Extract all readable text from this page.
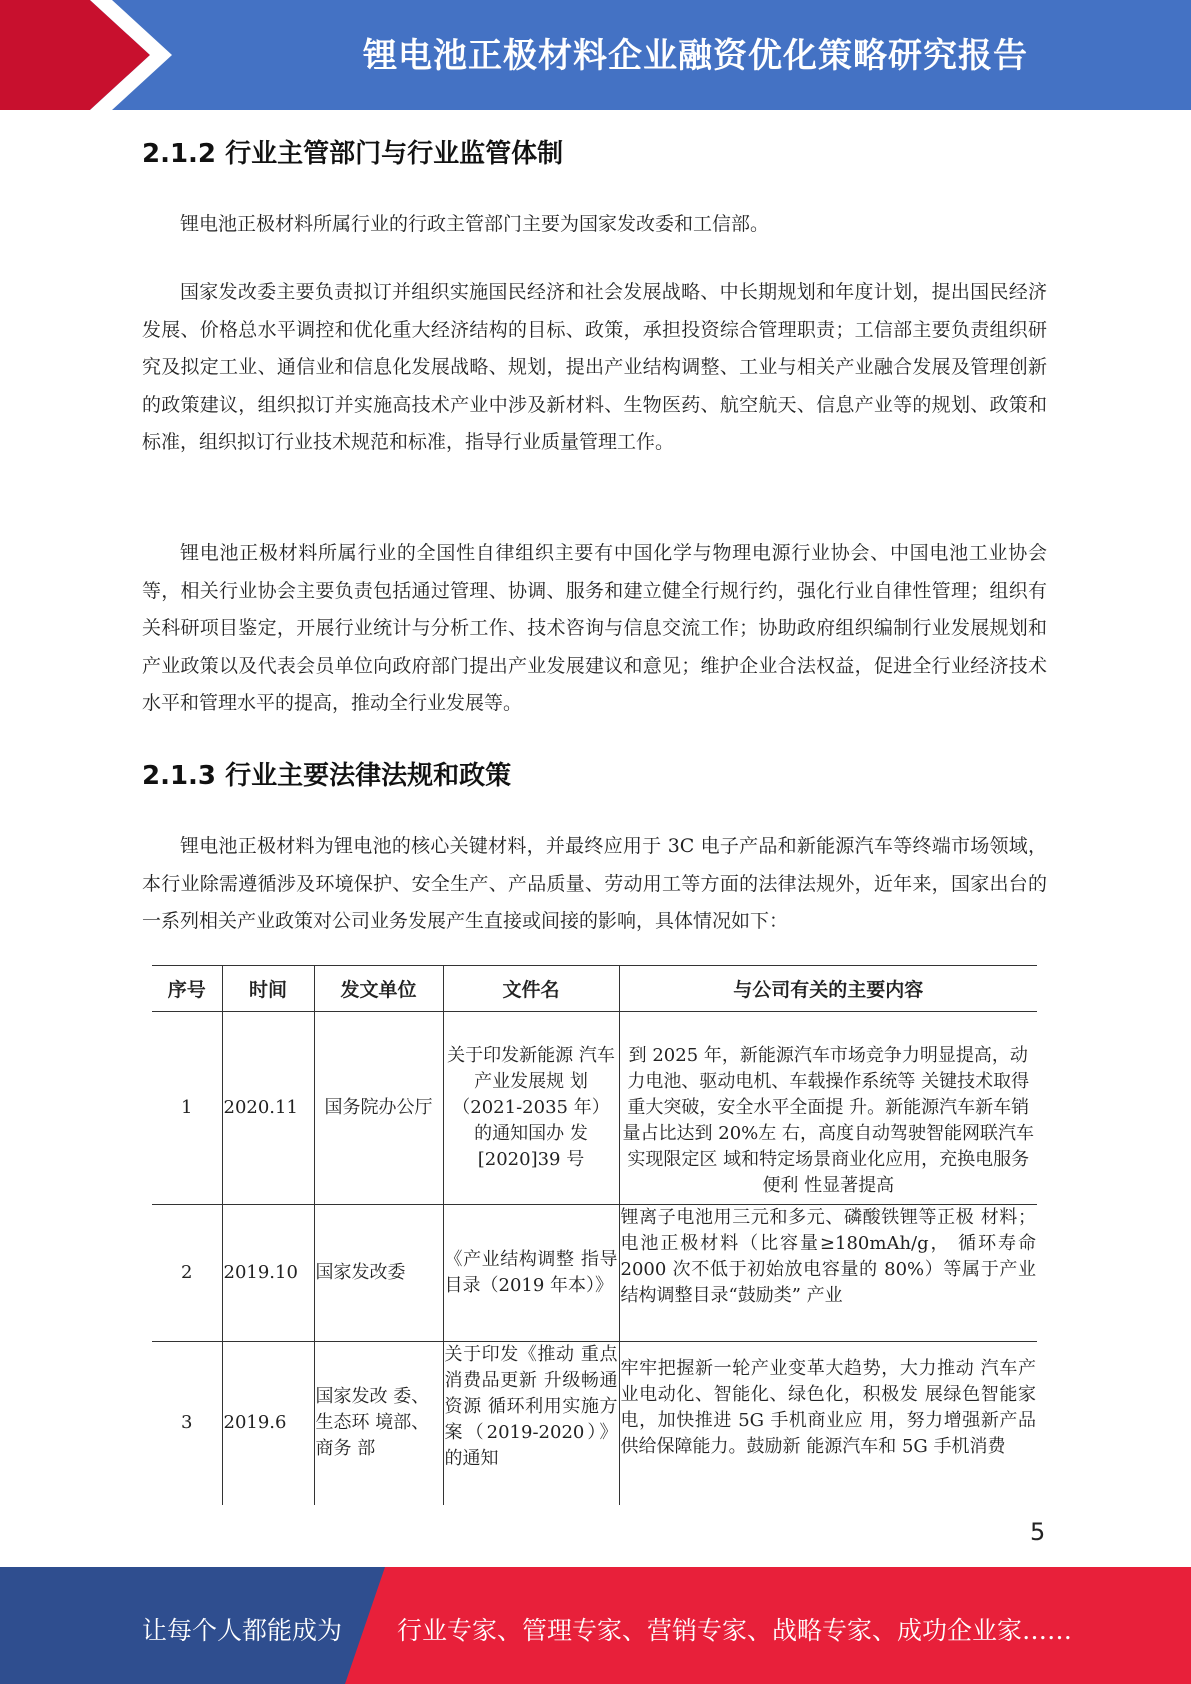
锂电池正极材料企业融资优化策略研究报告
2.1.2 行业主管部门与行业监管体制
锂电池正极材料所属行业的行政主管部门主要为国家发改委和工信部。
国家发改委主要负责拟订并组织实施国民经济和社会发展战略、中长期规划和年度计划，提出国民经济发展、价格总水平调控和优化重大经济结构的目标、政策，承担投资综合管理职责；工信部主要负责组织研究及拟定工业、通信业和信息化发展战略、规划，提出产业结构调整、工业与相关产业融合发展及管理创新的政策建议，组织拟订并实施高技术产业中涉及新材料、生物医药、航空航天、信息产业等的规划、政策和标准，组织拟订行业技术规范和标准，指导行业质量管理工作。
锂电池正极材料所属行业的全国性自律组织主要有中国化学与物理电源行业协会、中国电池工业协会等，相关行业协会主要负责包括通过管理、协调、服务和建立健全行规行约，强化行业自律性管理；组织有关科研项目鉴定，开展行业统计与分析工作、技术咨询与信息交流工作；协助政府组织编制行业发展规划和产业政策以及代表会员单位向政府部门提出产业发展建议和意见；维护企业合法权益，促进全行业经济技术水平和管理水平的提高，推动全行业发展等。
2.1.3 行业主要法律法规和政策
锂电池正极材料为锂电池的核心关键材料，并最终应用于 3C 电子产品和新能源汽车等终端市场领域，本行业除需遵循涉及环境保护、安全生产、产品质量、劳动用工等方面的法律法规外，近年来，国家出台的一系列相关产业政策对公司业务发展产生直接或间接的影响，具体情况如下：
序号	时间	发文单位	文件名	与公司有关的主要内容
1	2020.11	国务院办公厅	关于印发新能源 汽车产业发展规 划（2021-2035 年）的通知国办 发[2020]39 号	到 2025 年，新能源汽车市场竞争力明显提高，动力电池、驱动电机、车载操作系统等 关键技术取得重大突破，安全水平全面提 升。新能源汽车新车销量占比达到 20%左 右，高度自动驾驶智能网联汽车实现限定区 域和特定场景商业化应用，充换电服务便利 性显著提高
2	2019.10	国家发改委	《产业结构调整 指导目录（2019 年本）》	锂离子电池用三元和多元、磷酸铁锂等正极 材料；电池正极材料（比容量≥180mAh/g， 循环寿命 2000 次不低于初始放电容量的 80%）等属于产业结构调整目录“鼓励类” 产业
3	2019.6	国家发改 委、生态环 境部、商务 部	关于印发《推动 重点消费品更新 升级畅通资源 循环利用实施方 案（2019-2020）》 的通知	牢牢把握新一轮产业变革大趋势，大力推动 汽车产业电动化、智能化、绿色化，积极发 展绿色智能家电，加快推进 5G 手机商业应 用，努力增强新产品供给保障能力。鼓励新 能源汽车和 5G 手机消费
5
让每个人都能成为 行业专家、管理专家、营销专家、战略专家、成功企业家……
